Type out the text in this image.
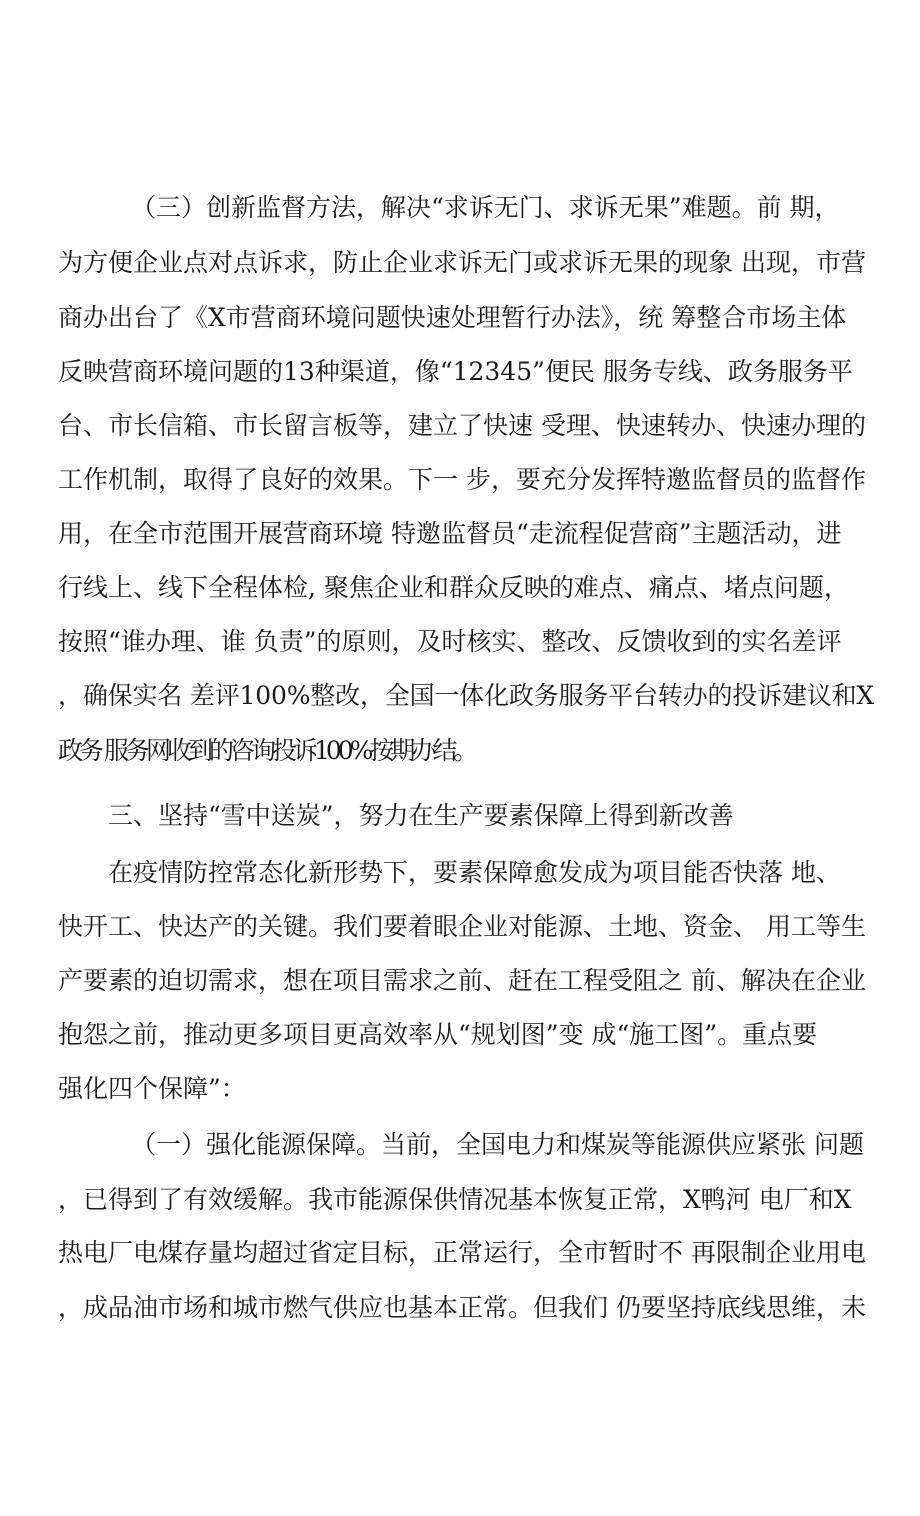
（三）创新监督方法，解决“求诉无门、求诉无果”难题。前 期，
为方便企业点对点诉求，防止企业求诉无门或求诉无果的现象 出现，市营
商办出台了《X市营商环境问题快速处理暂行办法》，统 筹整合市场主体
反映营商环境问题的13种渠道，像“12345”便民 服务专线、政务服务平
台、市长信箱、市长留言板等，建立了快速 受理、快速转办、快速办理的
工作机制，取得了良好的效果。下一 步，要充分发挥特邀监督员的监督作
用，在全市范围开展营商环境 特邀监督员“走流程促营商”主题活动，进
行线上、线下全程体检, 聚焦企业和群众反映的难点、痛点、堵点问题，
按照“谁办理、谁 负责”的原则，及时核实、整改、反馈收到的实名差评
，确保实名 差评100%整改，全国一体化政务服务平台转办的投诉建议和X
政务 服务网收到的咨询投诉100%按期办结。
三、坚持“雪中送炭”，努力在生产要素保障上得到新改善
在疫情防控常态化新形势下，要素保障愈发成为项目能否快落 地、
快开工、快达产的关键。我们要着眼企业对能源、土地、资金、 用工等生
产要素的迫切需求，想在项目需求之前、赶在工程受阻之 前、解决在企业
抱怨之前，推动更多项目更高效率从“规划图”变 成“施工图”。重点要
强化四个保障”：
（一）强化能源保障。当前，全国电力和煤炭等能源供应紧张 问题
，已得到了有效缓解。我市能源保供情况基本恢复正常，X鸭河 电厂和X
热电厂电煤存量均超过省定目标，正常运行，全市暂时不 再限制企业用电
，成品油市场和城市燃气供应也基本正常。但我们 仍要坚持底线思维，未
